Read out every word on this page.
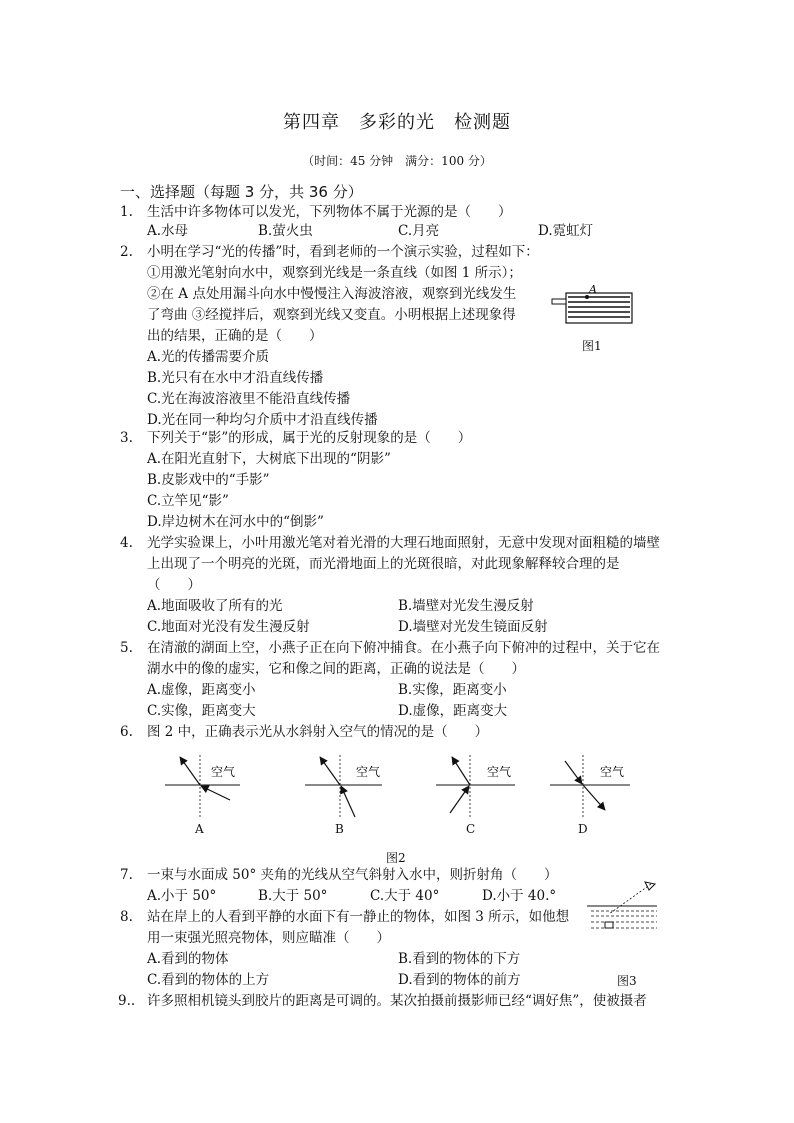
第四章　多彩的光　检测题
（时间：45 分钟　满分：100 分）
一、选择题（每题 3 分，共 36 分）
1. 生活中许多物体可以发光，下列物体不属于光源的是（　　）
A.水母	B.萤火虫	C.月亮	D.霓虹灯
2. 小明在学习“光的传播”时，看到老师的一个演示实验，过程如下：
①用激光笔射向水中，观察到光线是一条直线（如图 1 所示）；
②在 A 点处用漏斗向水中慢慢注入海波溶液，观察到光线发生
了弯曲 ③经搅拌后，观察到光线又变直。小明根据上述现象得
出的结果，正确的是（　　）
A.光的传播需要介质
B.光只有在水中才沿直线传播
C.光在海波溶液里不能沿直线传播
D.光在同一种均匀介质中才沿直线传播
A
图1
3. 下列关于“影”的形成，属于光的反射现象的是（　　）
A.在阳光直射下，大树底下出现的“阴影”
B.皮影戏中的“手影”
C.立竿见“影”
D.岸边树木在河水中的“倒影”
4. 光学实验课上，小叶用激光笔对着光滑的大理石地面照射，无意中发现对面粗糙的墙壁
上出现了一个明亮的光斑，而光滑地面上的光斑很暗，对此现象解释较合理的是
（　　）
A.地面吸收了所有的光	B.墙壁对光发生漫反射
C.地面对光没有发生漫反射	D.墙壁对光发生镜面反射
5. 在清澈的湖面上空，小燕子正在向下俯冲捕食。在小燕子向下俯冲的过程中，关于它在
湖水中的像的虚实，它和像之间的距离，正确的说法是（　　）
A.虚像，距离变小	B.实像，距离变小
C.实像，距离变大	D.虚像，距离变大
6. 图 2 中，正确表示光从水斜射入空气的情况的是（　　）
空气	空气	空气	空气
A	B	C	D
图2
7. 一束与水面成 50° 夹角的光线从空气斜射入水中，则折射角（　　）
A.小于 50°	B.大于 50°	C.大于 40°	D.小于 40.°
图3
8. 站在岸上的人看到平静的水面下有一静止的物体，如图 3 所示，如他想
用一束强光照亮物体，则应瞄准（　　）
A.看到的物体	B.看到的物体的下方
C.看到的物体的上方	D.看到的物体的前方
9.. 许多照相机镜头到胶片的距离是可调的。某次拍摄前摄影师已经“调好焦”，使被摄者
